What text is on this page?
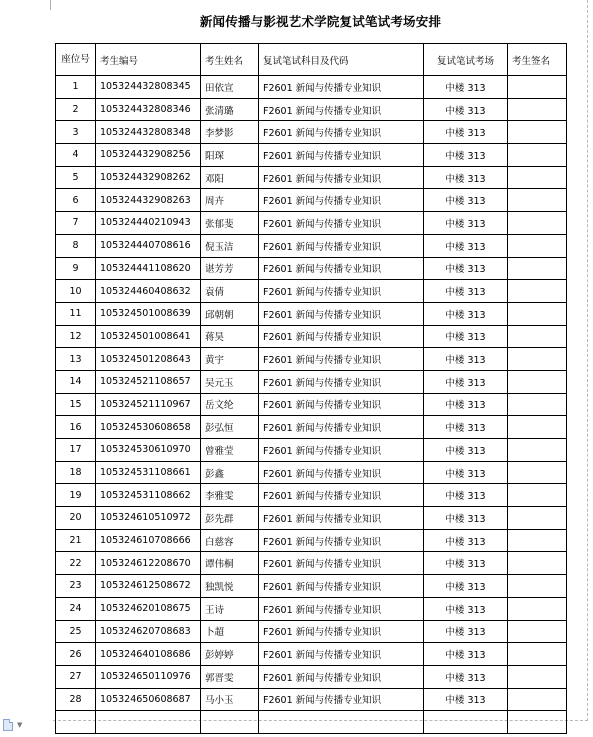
新闻传播与影视艺术学院复试笔试考场安排
座位号	考生编号	考生姓名	复试笔试科目及代码	复试笔试考场	考生签名
1	105324432808345	田依宣	F2601 新闻与传播专业知识	中楼 313	
2	105324432808346	张清璐	F2601 新闻与传播专业知识	中楼 313	
3	105324432808348	李梦影	F2601 新闻与传播专业知识	中楼 313	
4	105324432908256	阳琛	F2601 新闻与传播专业知识	中楼 313	
5	105324432908262	邓阳	F2601 新闻与传播专业知识	中楼 313	
6	105324432908263	周卉	F2601 新闻与传播专业知识	中楼 313	
7	105324440210943	张郁斐	F2601 新闻与传播专业知识	中楼 313	
8	105324440708616	倪玉洁	F2601 新闻与传播专业知识	中楼 313	
9	105324441108620	谌芳芳	F2601 新闻与传播专业知识	中楼 313	
10	105324460408632	袁倩	F2601 新闻与传播专业知识	中楼 313	
11	105324501008639	邱朝朝	F2601 新闻与传播专业知识	中楼 313	
12	105324501008641	蒋昊	F2601 新闻与传播专业知识	中楼 313	
13	105324501208643	黄宇	F2601 新闻与传播专业知识	中楼 313	
14	105324521108657	吴元玉	F2601 新闻与传播专业知识	中楼 313	
15	105324521110967	岳文纶	F2601 新闻与传播专业知识	中楼 313	
16	105324530608658	彭弘恒	F2601 新闻与传播专业知识	中楼 313	
17	105324530610970	曾雅莹	F2601 新闻与传播专业知识	中楼 313	
18	105324531108661	彭鑫	F2601 新闻与传播专业知识	中楼 313	
19	105324531108662	李雅雯	F2601 新闻与传播专业知识	中楼 313	
20	105324610510972	彭先群	F2601 新闻与传播专业知识	中楼 313	
21	105324610708666	白慈容	F2601 新闻与传播专业知识	中楼 313	
22	105324612208670	谭伟桐	F2601 新闻与传播专业知识	中楼 313	
23	105324612508672	独凯悦	F2601 新闻与传播专业知识	中楼 313	
24	105324620108675	王诗	F2601 新闻与传播专业知识	中楼 313	
25	105324620708683	卜超	F2601 新闻与传播专业知识	中楼 313	
26	105324640108686	彭婷婷	F2601 新闻与传播专业知识	中楼 313	
27	105324650110976	郭晋雯	F2601 新闻与传播专业知识	中楼 313	
28	105324650608687	马小玉	F2601 新闻与传播专业知识	中楼 313	

▼
